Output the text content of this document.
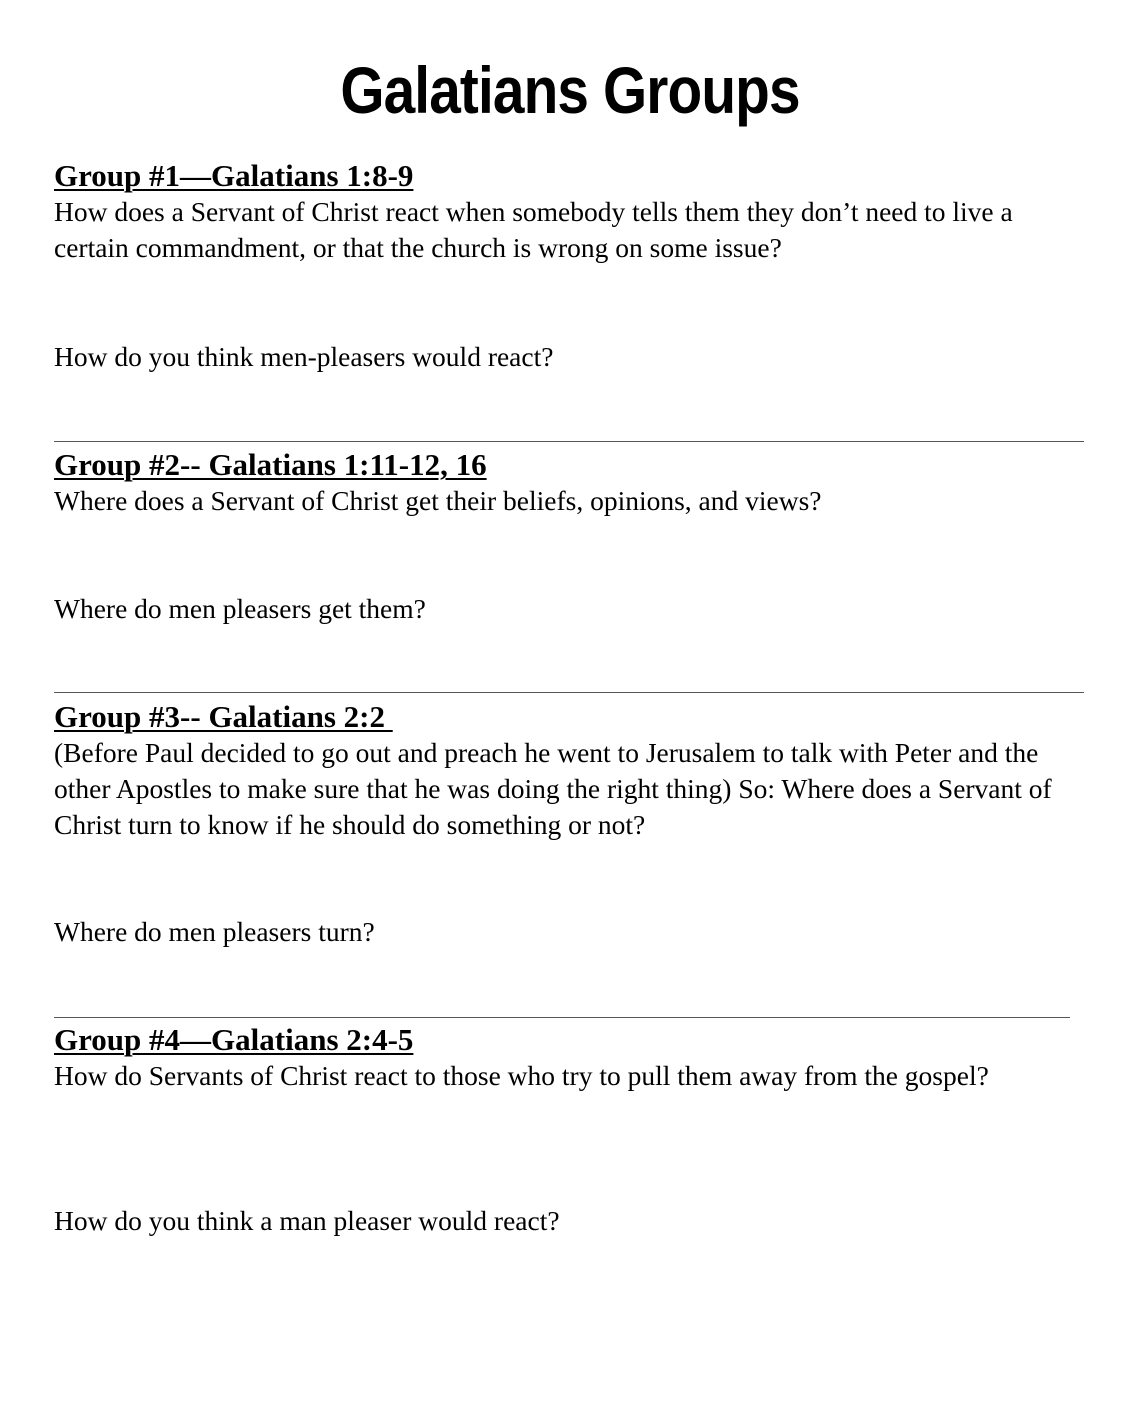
Galatians Groups
Group #1—Galatians 1:8-9
How does a Servant of Christ react when somebody tells them they don’t need to live a certain commandment, or that the church is wrong on some issue?
How do you think men-pleasers would react?
Group #2-- Galatians 1:11-12, 16
Where does a Servant of Christ get their beliefs, opinions, and views?
Where do men pleasers get them?
Group #3-- Galatians 2:2
(Before Paul decided to go out and preach he went to Jerusalem to talk with Peter and the other Apostles to make sure that he was doing the right thing) So: Where does a Servant of Christ turn to know if he should do something or not?
Where do men pleasers turn?
Group #4—Galatians 2:4-5
How do Servants of Christ react to those who try to pull them away from the gospel?
How do you think a man pleaser would react?
